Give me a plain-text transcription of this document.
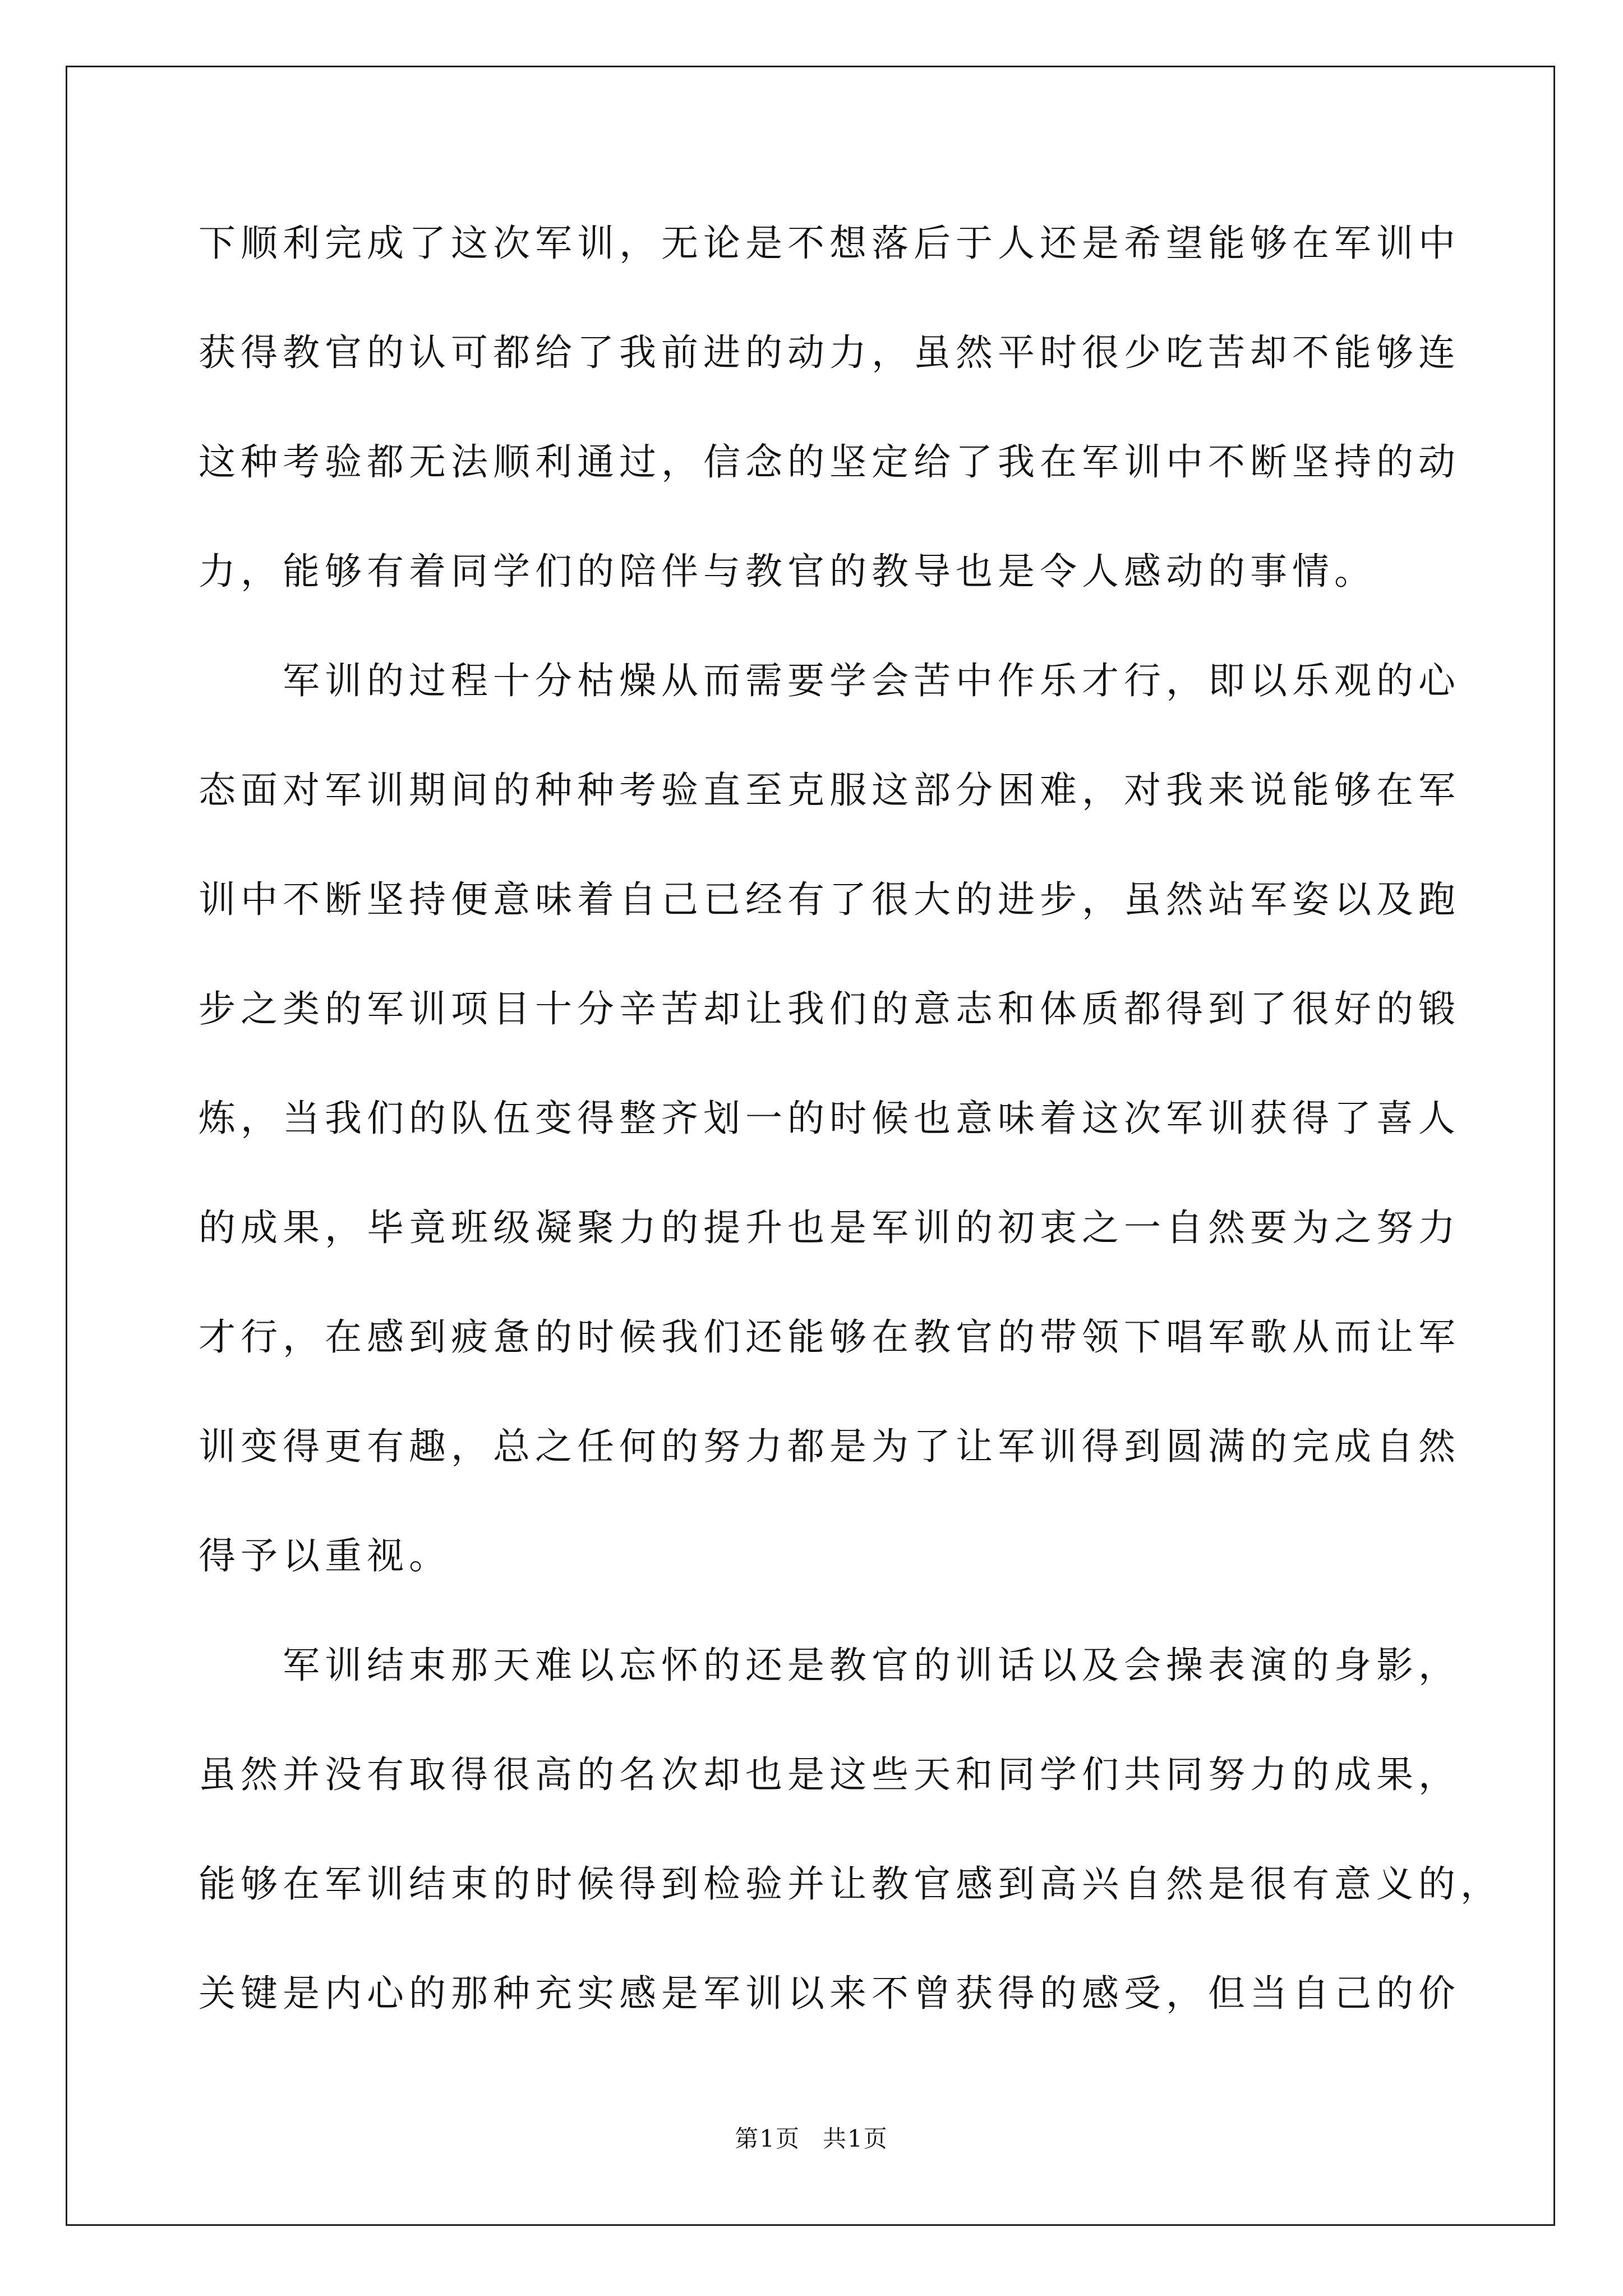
下顺利完成了这次军训，无论是不想落后于人还是希望能够在军训中
获得教官的认可都给了我前进的动力，虽然平时很少吃苦却不能够连
这种考验都无法顺利通过，信念的坚定给了我在军训中不断坚持的动
力，能够有着同学们的陪伴与教官的教导也是令人感动的事情。
军训的过程十分枯燥从而需要学会苦中作乐才行，即以乐观的心
态面对军训期间的种种考验直至克服这部分困难，对我来说能够在军
训中不断坚持便意味着自己已经有了很大的进步，虽然站军姿以及跑
步之类的军训项目十分辛苦却让我们的意志和体质都得到了很好的锻
炼，当我们的队伍变得整齐划一的时候也意味着这次军训获得了喜人
的成果，毕竟班级凝聚力的提升也是军训的初衷之一自然要为之努力
才行，在感到疲惫的时候我们还能够在教官的带领下唱军歌从而让军
训变得更有趣，总之任何的努力都是为了让军训得到圆满的完成自然
得予以重视。
军训结束那天难以忘怀的还是教官的训话以及会操表演的身影，
虽然并没有取得很高的名次却也是这些天和同学们共同努力的成果，
能够在军训结束的时候得到检验并让教官感到高兴自然是很有意义的，
关键是内心的那种充实感是军训以来不曾获得的感受，但当自己的价
第1页 共1页
